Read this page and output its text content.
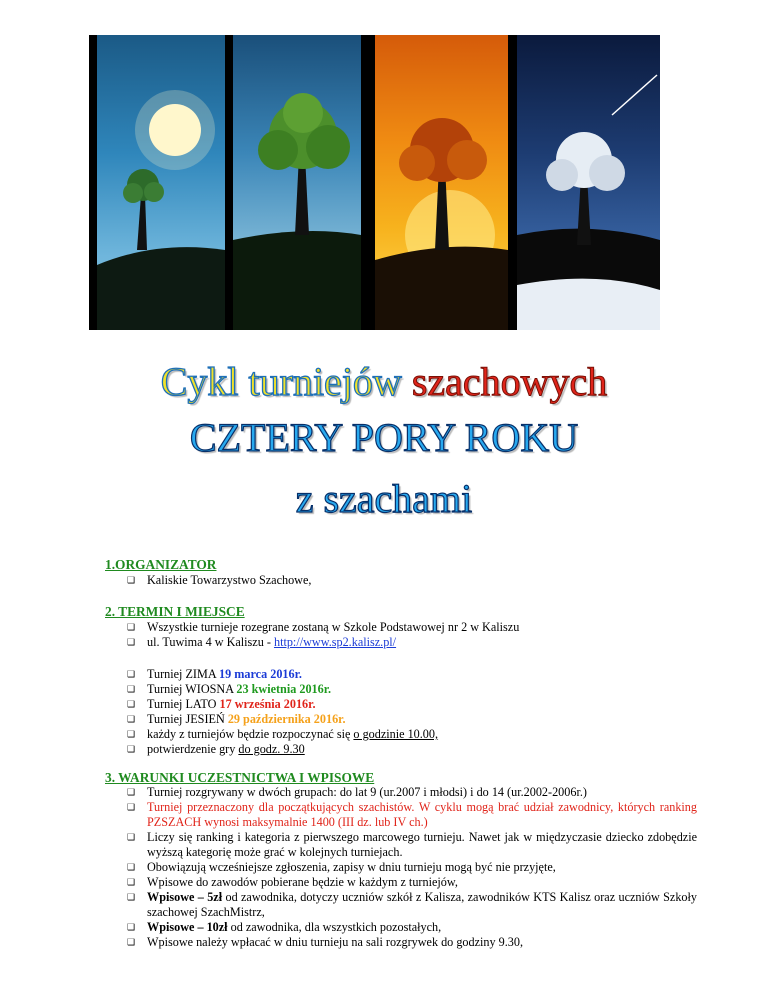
Cykl turniejów szachowych
CZTERY PORY ROKU
z szachami
1.ORGANIZATOR
❑ Kaliskie Towarzystwo Szachowe,
2. TERMIN I MIEJSCE
❑ Wszystkie turnieje rozegrane zostaną w Szkole Podstawowej nr 2 w Kaliszu
❑ ul. Tuwima 4 w Kaliszu - http://www.sp2.kalisz.pl/
❑ Turniej ZIMA 19 marca 2016r.
❑ Turniej WIOSNA 23 kwietnia 2016r.
❑ Turniej LATO 17 września 2016r.
❑ Turniej JESIEŃ 29 października 2016r.
❑ każdy z turniejów będzie rozpoczynać się o godzinie 10.00,
❑ potwierdzenie gry do godz. 9.30
3. WARUNKI UCZESTNICTWA I WPISOWE
❑ Turniej rozgrywany w dwóch grupach: do lat 9 (ur.2007 i młodsi) i do 14 (ur.2002-2006r.)
❑ Turniej przeznaczony dla początkujących szachistów. W cyklu mogą brać udział zawodnicy, których ranking PZSZACH wynosi maksymalnie 1400 (III dz. lub IV ch.)
❑ Liczy się ranking i kategoria z pierwszego marcowego turnieju. Nawet jak w międzyczasie dziecko zdobędzie wyższą kategorię może grać w kolejnych turniejach.
❑ Obowiązują wcześniejsze zgłoszenia, zapisy w dniu turnieju mogą być nie przyjęte,
❑ Wpisowe do zawodów pobierane będzie w każdym z turniejów,
❑ Wpisowe – 5zł od zawodnika, dotyczy uczniów szkół z Kalisza, zawodników KTS Kalisz oraz uczniów Szkoły szachowej SzachMistrz,
❑ Wpisowe – 10zł od zawodnika, dla wszystkich pozostałych,
❑ Wpisowe należy wpłacać w dniu turnieju na sali rozgrywek do godziny 9.30,
